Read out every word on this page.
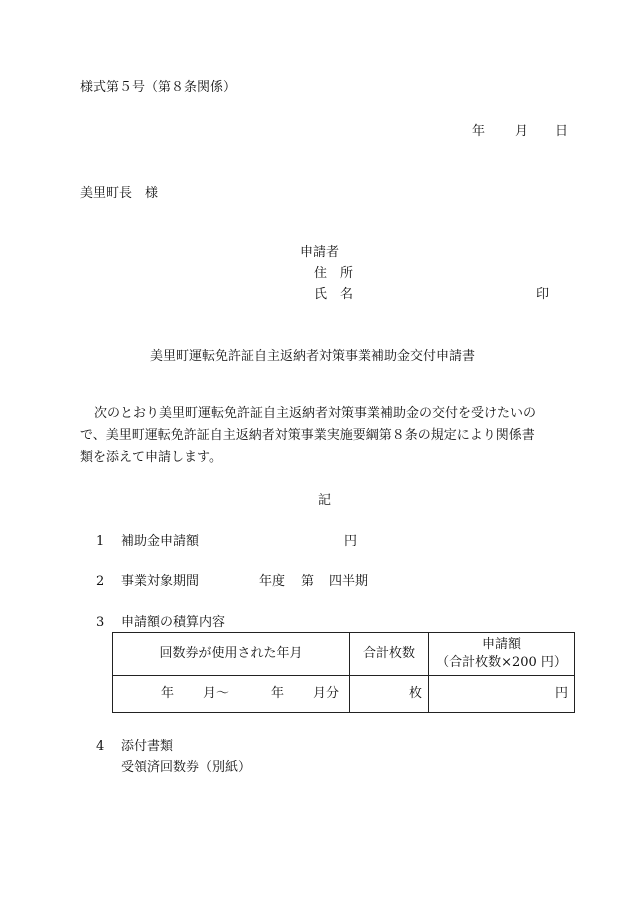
様式第５号（第８条関係）
年 月 日
美里町長　様
申請者
住　所
氏　名	印
美里町運転免許証自主返納者対策事業補助金交付申請書
次のとおり美里町運転免許証自主返納者対策事業補助金の交付を受けたいの
で、美里町運転免許証自主返納者対策事業実施要綱第８条の規定により関係書
類を添えて申請します。
記
1 補助金申請額	円
2 事業対象期間	年度 第 四半期
3 申請額の積算内容
回数券が使用された年月	合計枚数	申請額
（合計枚数×200 円）

年 月～ 年 月分	枚	円
4 添付書類
受領済回数券（別紙）
